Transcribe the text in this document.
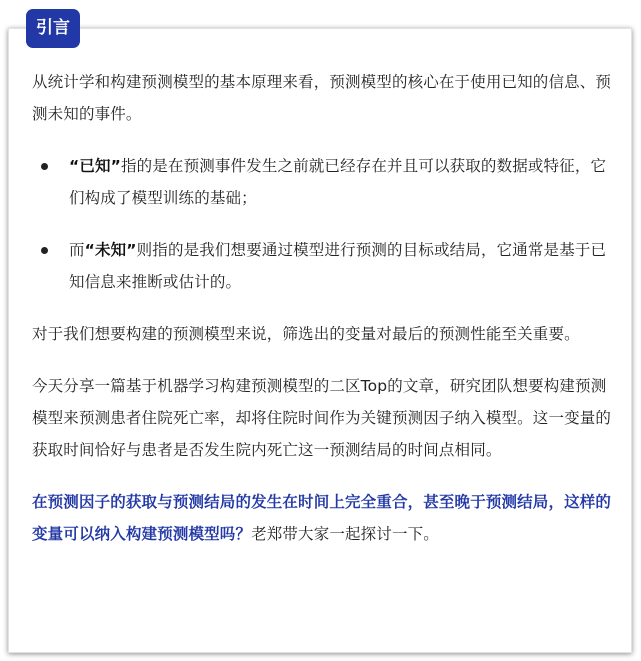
从统计学和构建预测模型的基本原理来看，预测模型的核心在于使用已知的信息、预测未知的事件。

“已知”指的是在预测事件发生之前就已经存在并且可以获取的数据或特征，它们构成了模型训练的基础；
而“未知”则指的是我们想要通过模型进行预测的目标或结局，它通常是基于已知信息来推断或估计的。

对于我们想要构建的预测模型来说，筛选出的变量对最后的预测性能至关重要。

今天分享一篇基于机器学习构建预测模型的二区Top的文章，研究团队想要构建预测模型来预测患者住院死亡率，却将住院时间作为关键预测因子纳入模型。这一变量的获取时间恰好与患者是否发生院内死亡这一预测结局的时间点相同。

在预测因子的获取与预测结局的发生在时间上完全重合，甚至晚于预测结局，这样的变量可以纳入构建预测模型吗？老郑带大家一起探讨一下。

引言
